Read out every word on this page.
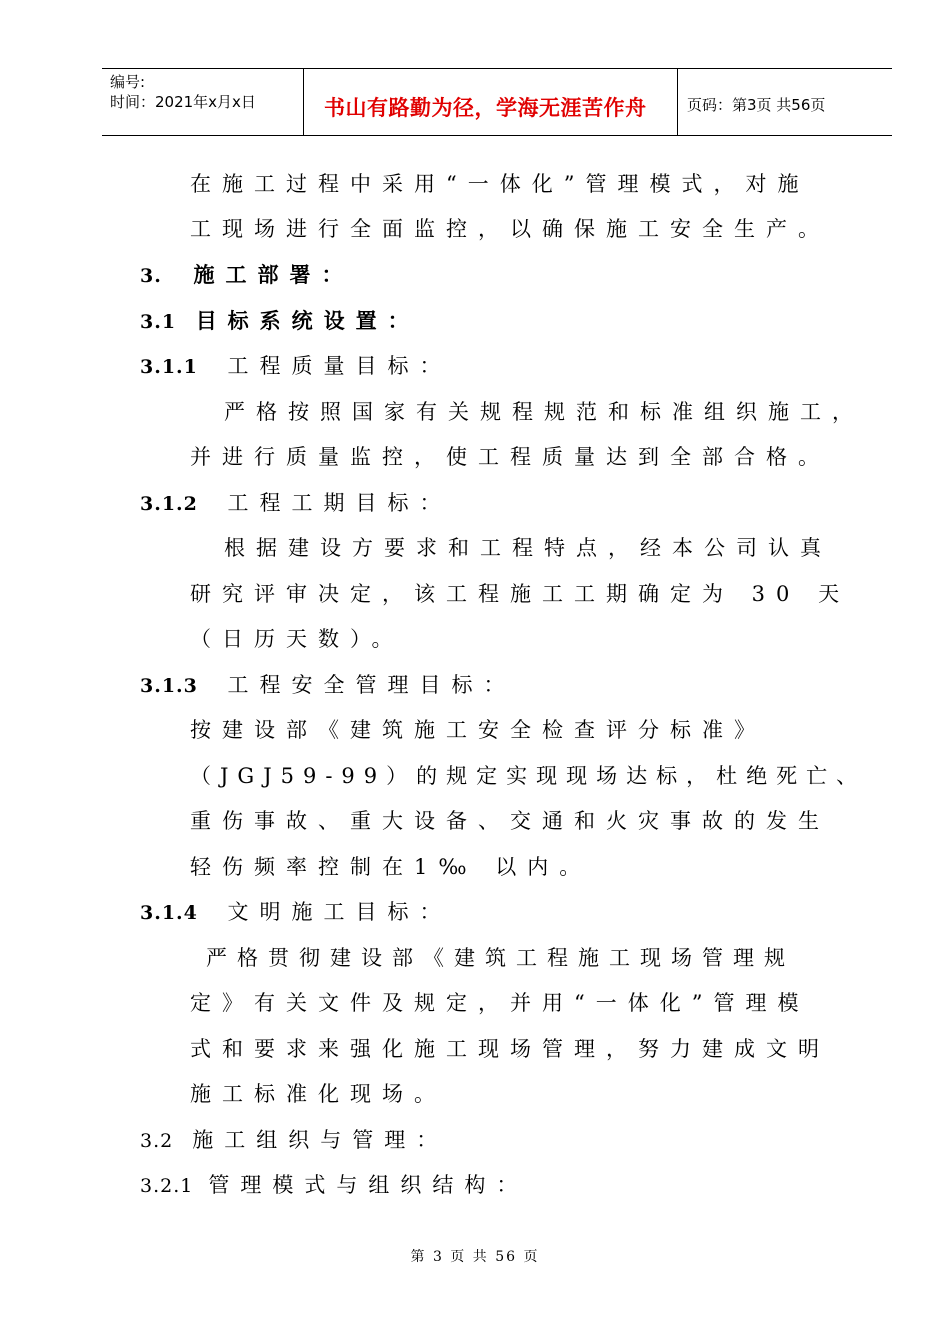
编号:
时间：2021年x月x日	书山有路勤为径，学海无涯苦作舟	页码：第3页 共56页
在施工过程中采用“一体化”管理模式，对施
工现场进行全面监控，以确保施工安全生产。
3. 施工部署：
3.1 目标系统设置：
3.1.1 工程质量目标：
严格按照国家有关规程规范和标准组织施工，
并进行质量监控，使工程质量达到全部合格。
3.1.2 工程工期目标：
根据建设方要求和工程特点，经本公司认真
研究评审决定，该工程施工工期确定为 30 天
（日历天数）。
3.1.3 工程安全管理目标：
按建设部《建筑施工安全检查评分标准》
（JGJ59-99）的规定实现现场达标，杜绝死亡、
重伤事故、重大设备、交通和火灾事故的发生
轻伤频率控制在1‰ 以内。
3.1.4 文明施工目标：
严格贯彻建设部《建筑工程施工现场管理规
定》有关文件及规定，并用“一体化”管理模
式和要求来强化施工现场管理，努力建成文明
施工标准化现场。
3.2 施工组织与管理：
3.2.1 管理模式与组织结构：
第 3 页 共 56 页
